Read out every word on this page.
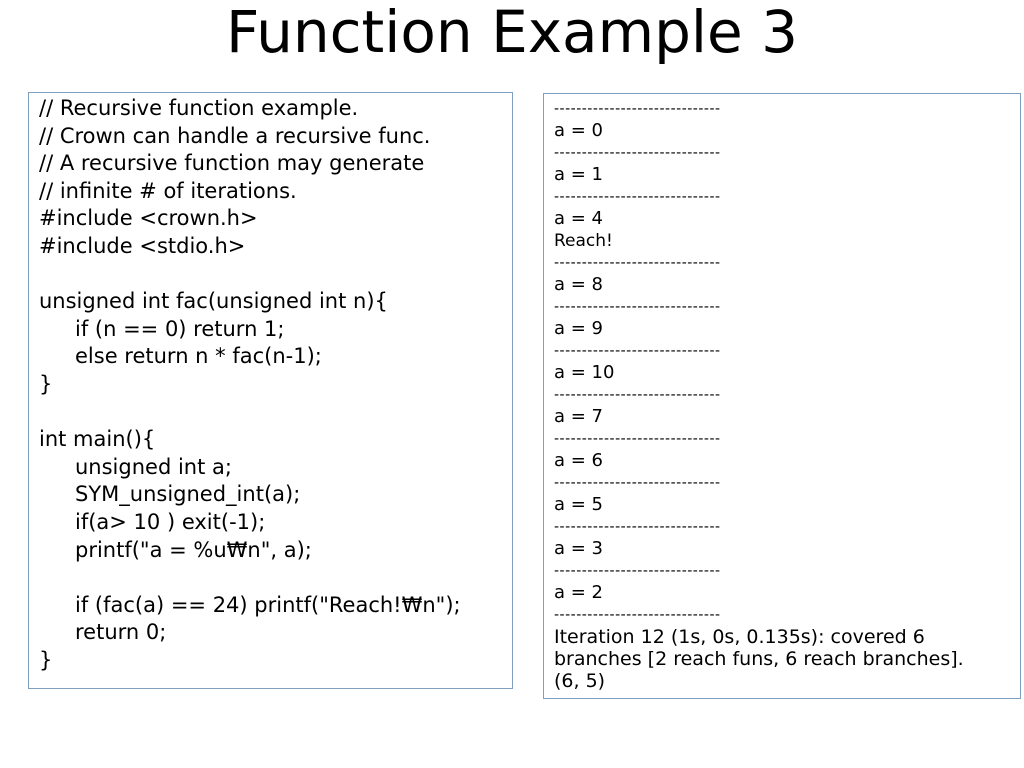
Function Example 3
// Recursive function example.
// Crown can handle a recursive func.
// A recursive function may generate
// infinite # of iterations.
#include <crown.h>
#include <stdio.h>
unsigned int fac(unsigned int n){
if (n == 0) return 1;
else return n * fac(n-1);
}
int main(){
unsigned int a;
SYM_unsigned_int(a);
if(a> 10 ) exit(-1);
printf("a = %u₩n", a);
if (fac(a) == 24) printf("Reach!₩n");
return 0;
}
------------------------------
a = 0
------------------------------
a = 1
------------------------------
a = 4
Reach!
------------------------------
a = 8
------------------------------
a = 9
------------------------------
a = 10
------------------------------
a = 7
------------------------------
a = 6
------------------------------
a = 5
------------------------------
a = 3
------------------------------
a = 2
------------------------------
Iteration 12 (1s, 0s, 0.135s): covered 6 branches [2 reach funs, 6 reach branches].(6, 5)
